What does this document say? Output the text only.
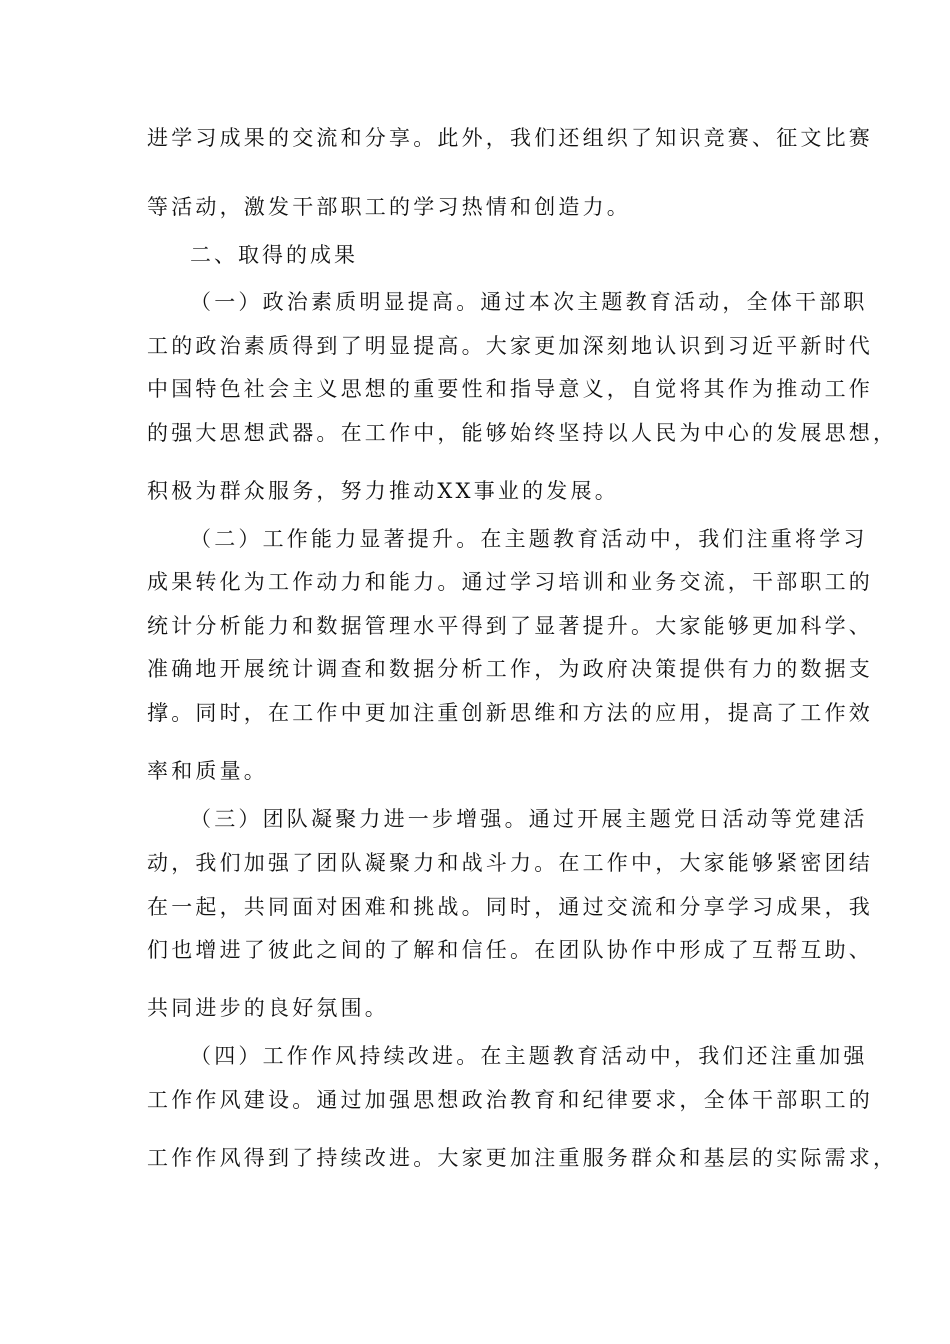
进学习成果的交流和分享。此外，我们还组织了知识竞赛、征文比赛
等活动，激发干部职工的学习热情和创造力。
二、取得的成果
（一）政治素质明显提高。通过本次主题教育活动，全体干部职
工的政治素质得到了明显提高。大家更加深刻地认识到习近平新时代
中国特色社会主义思想的重要性和指导意义，自觉将其作为推动工作
的强大思想武器。在工作中，能够始终坚持以人民为中心的发展思想，
积极为群众服务，努力推动XX事业的发展。
（二）工作能力显著提升。在主题教育活动中，我们注重将学习
成果转化为工作动力和能力。通过学习培训和业务交流，干部职工的
统计分析能力和数据管理水平得到了显著提升。大家能够更加科学、
准确地开展统计调查和数据分析工作，为政府决策提供有力的数据支
撑。同时，在工作中更加注重创新思维和方法的应用，提高了工作效
率和质量。
（三）团队凝聚力进一步增强。通过开展主题党日活动等党建活
动，我们加强了团队凝聚力和战斗力。在工作中，大家能够紧密团结
在一起，共同面对困难和挑战。同时，通过交流和分享学习成果，我
们也增进了彼此之间的了解和信任。在团队协作中形成了互帮互助、
共同进步的良好氛围。
（四）工作作风持续改进。在主题教育活动中，我们还注重加强
工作作风建设。通过加强思想政治教育和纪律要求，全体干部职工的
工作作风得到了持续改进。大家更加注重服务群众和基层的实际需求，
